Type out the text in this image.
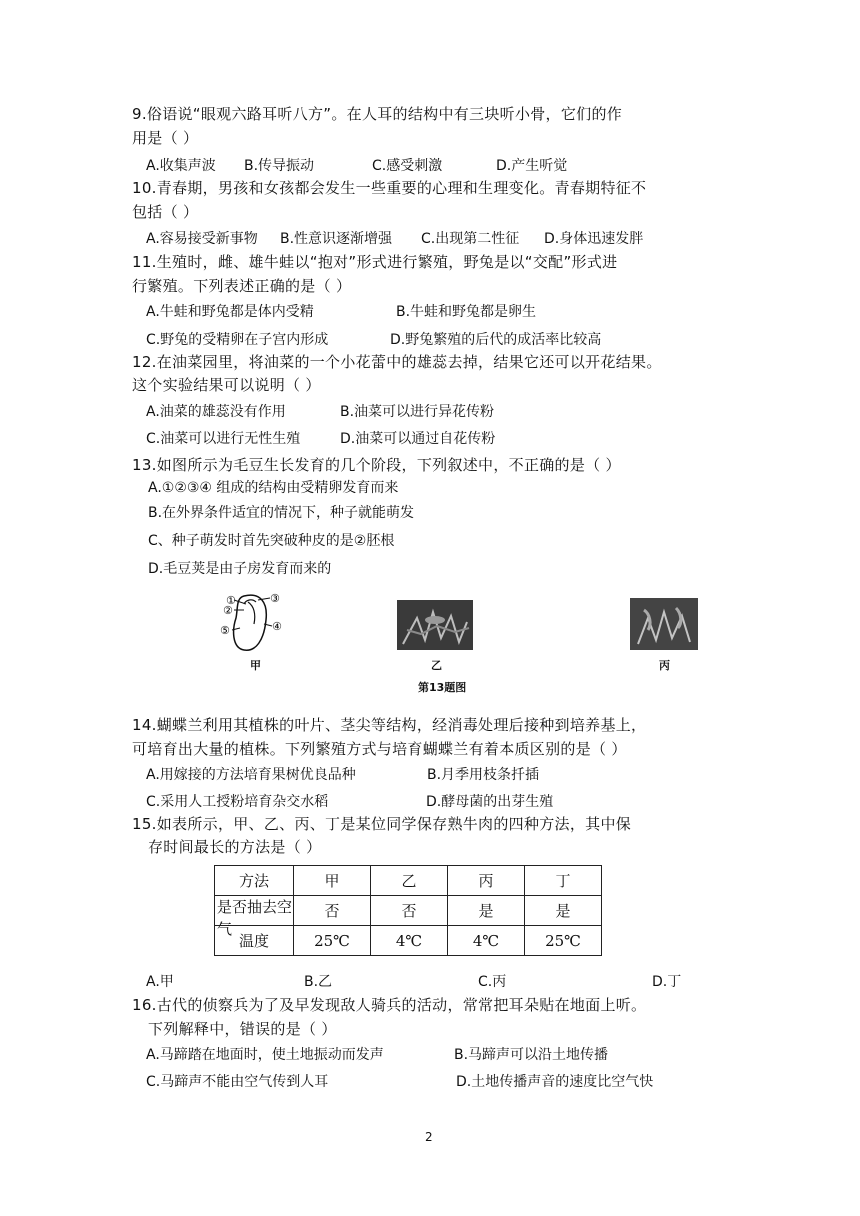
9.俗语说“眼观六路耳听八方”。在人耳的结构中有三块听小骨，它们的作
用是（ ）
A.收集声波 B.传导振动	C.感受刺激	D.产生听觉
10.青春期，男孩和女孩都会发生一些重要的心理和生理变化。青春期特征不
包括（ ）
A.容易接受新事物 B.性意识逐渐增强 C.出现第二性征 D.身体迅速发胖
11.生殖时，雌、雄牛蛙以“抱对”形式进行繁殖，野兔是以“交配”形式进
行繁殖。下列表述正确的是（ ）
A.牛蛙和野兔都是体内受精	B.牛蛙和野兔都是卵生
C.野兔的受精卵在子宫内形成	D.野兔繁殖的后代的成活率比较高
12.在油菜园里，将油菜的一个小花蕾中的雄蕊去掉，结果它还可以开花结果。
这个实验结果可以说明（ ）
A.油菜的雄蕊没有作用	B.油菜可以进行异花传粉
C.油菜可以进行无性生殖	D.油菜可以通过自花传粉
13.如图所示为毛豆生长发育的几个阶段，下列叙述中，不正确的是（ ）
A.①②③④ 组成的结构由受精卵发育而来
B.在外界条件适宜的情况下，种子就能萌发
C、种子萌发时首先突破种皮的是②胚根
D.毛豆荚是由子房发育而来的
①
②
③
④
⑤
甲	乙	丙
第13题图
14.蝴蝶兰利用其植株的叶片、茎尖等结构，经消毒处理后接种到培养基上，
可培育出大量的植株。下列繁殖方式与培育蝴蝶兰有着本质区别的是（ ）
A.用嫁接的方法培育果树优良品种	B.月季用枝条扦插
C.采用人工授粉培育杂交水稻	D.酵母菌的出芽生殖
15.如表所示，甲、乙、丙、丁是某位同学保存熟牛肉的四种方法，其中保
存时间最长的方法是（ ）
方法	甲	乙	丙	丁

是否抽去空气	否	否	是	是
温度	25℃	4℃	4℃	25℃
A.甲	B.乙	C.丙	D.丁
16.古代的侦察兵为了及早发现敌人骑兵的活动，常常把耳朵贴在地面上听。
下列解释中，错误的是（ ）
A.马蹄踏在地面时，使土地振动而发声	B.马蹄声可以沿土地传播
C.马蹄声不能由空气传到人耳	D.土地传播声音的速度比空气快
2
